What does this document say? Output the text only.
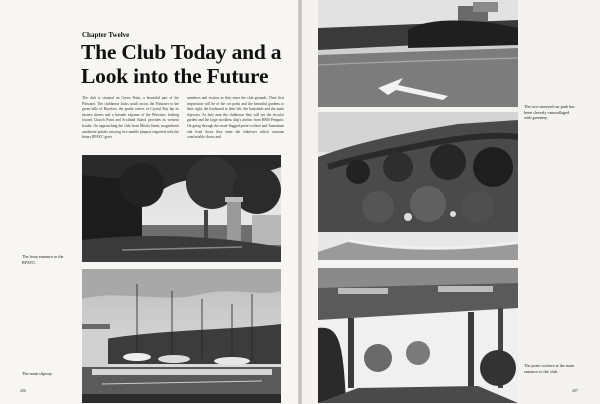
Chapter Twelve
The Club Today and a Look into the Future

The club is situated on Green Point, a beautiful part of the Pittwater. The clubhouse looks south across the Pittwater to the green hills of Bayview, the gentle waters of Crystal Bay lap its eastern shores and a broader expanse of the Pittwater, looking toward Church Point and Scotland Island, provides its western border. On approaching the club from Mitala Street, magnificent sandstone portals carrying two marble plaques engraved with the letters RPAYC greet

members and visitors as they enter the club grounds. Their first impression will be of the car parks and the beautiful gardens to their right, the hardstand to their left, the boatsheds and the main slipways. As they near the clubhouse they will see the circular garden and the large stockless ship's anchor from HMS Penguin. On going through the stone-flagged porte-cochere and Tasmanian oak front doors they enter the clubfoyer which contains comfortable chairs and

The front entrance to the RPAYC.
The main slipway.
206
The two-storeyed car park has been cleverly camouflaged with greenery.
The porte-cochere at the main entrance to the club.
207
